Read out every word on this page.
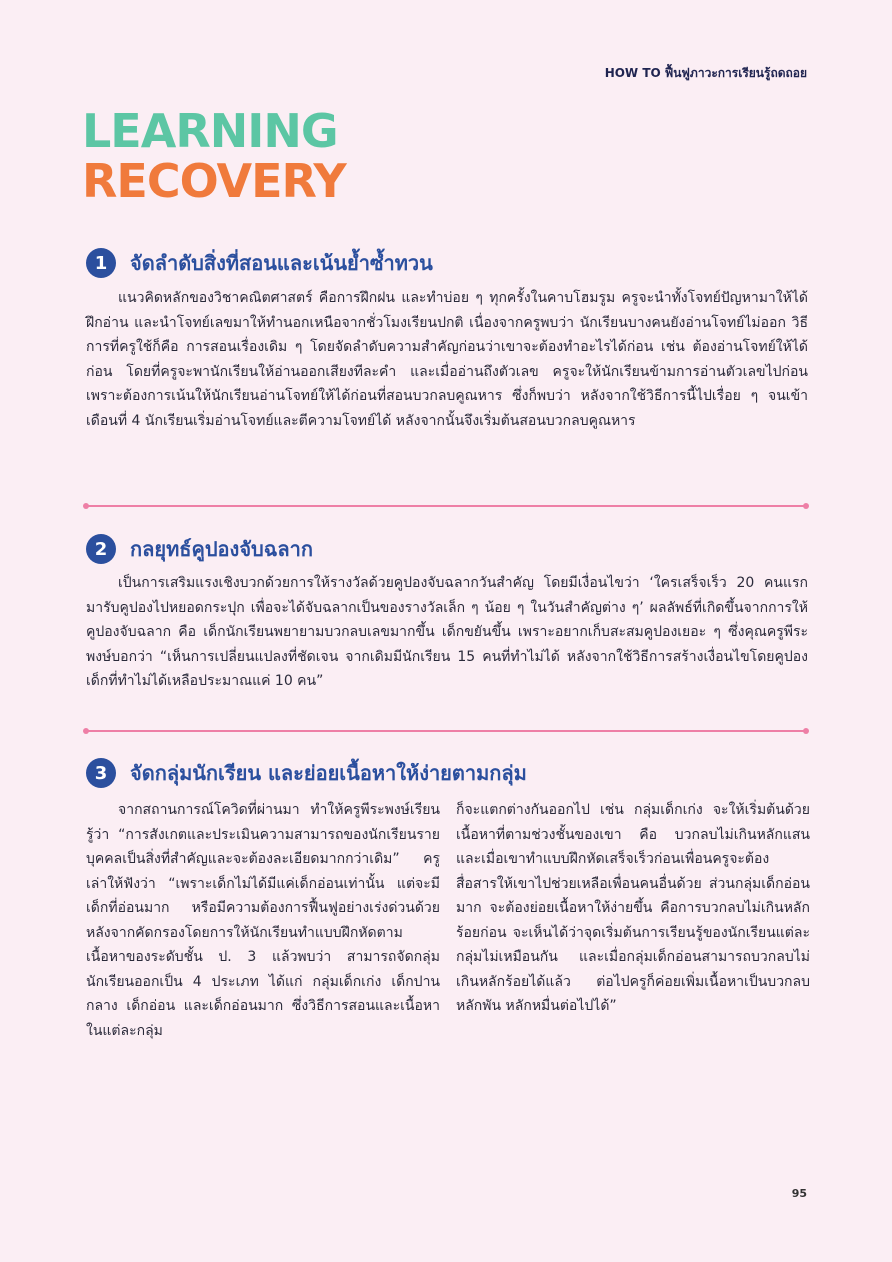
HOW TO ฟื้นฟูภาวะการเรียนรู้ถดถอย
LEARNING
RECOVERY
1	จัดลำดับสิ่งที่สอนและเน้นย้ำซ้ำทวน

แนวคิดหลักของวิชาคณิตศาสตร์ คือการฝึกฝน และทำบ่อย ๆ ทุกครั้งในคาบโฮมรูม ครูจะนำทั้งโจทย์ปัญหามาให้ได้ฝึกอ่าน และนำโจทย์เลขมาให้ทำนอกเหนือจากชั่วโมงเรียนปกติ เนื่องจากครูพบว่า นักเรียนบางคนยังอ่านโจทย์ไม่ออก วิธีการที่ครูใช้ก็คือ การสอนเรื่องเดิม ๆ โดยจัดลำดับความสำคัญก่อนว่าเขาจะต้องทำอะไรได้ก่อน เช่น ต้องอ่านโจทย์ให้ได้ก่อน โดยที่ครูจะพานักเรียนให้อ่านออกเสียงทีละคำ และเมื่ออ่านถึงตัวเลข ครูจะให้นักเรียนข้ามการอ่านตัวเลขไปก่อน เพราะต้องการเน้นให้นักเรียนอ่านโจทย์ให้ได้ก่อนที่สอนบวกลบคูณหาร ซึ่งก็พบว่า หลังจากใช้วิธีการนี้ไปเรื่อย ๆ จนเข้าเดือนที่ 4 นักเรียนเริ่มอ่านโจทย์และตีความโจทย์ได้ หลังจากนั้นจึงเริ่มต้นสอนบวกลบคูณหาร

2	กลยุทธ์คูปองจับฉลาก

เป็นการเสริมแรงเชิงบวกด้วยการให้รางวัลด้วยคูปองจับฉลากวันสำคัญ โดยมีเงื่อนไขว่า ‘ใครเสร็จเร็ว 20 คนแรก มารับคูปองไปหยอดกระปุก เพื่อจะได้จับฉลากเป็นของรางวัลเล็ก ๆ น้อย ๆ ในวันสำคัญต่าง ๆ’ ผลลัพธ์ที่เกิดขึ้นจากการให้คูปองจับฉลาก คือ เด็กนักเรียนพยายามบวกลบเลขมากขึ้น เด็กขยันขึ้น เพราะอยากเก็บสะสมคูปองเยอะ ๆ ซึ่งคุณครูพีระพงษ์บอกว่า “เห็นการเปลี่ยนแปลงที่ชัดเจน จากเดิมมีนักเรียน 15 คนที่ทำไม่ได้ หลังจากใช้วิธีการสร้างเงื่อนไขโดยคูปอง เด็กที่ทำไม่ได้เหลือประมาณแค่ 10 คน”

3	จัดกลุ่มนักเรียน และย่อยเนื้อหาให้ง่ายตามกลุ่ม

จากสถานการณ์โควิดที่ผ่านมา ทำให้ครูพีระพงษ์เรียนรู้ว่า “การสังเกตและประเมินความสามารถของนักเรียนรายบุคคลเป็นสิ่งที่สำคัญและจะต้องละเอียดมากกว่าเดิม” ครูเล่าให้ฟังว่า “เพราะเด็กไม่ได้มีแค่เด็กอ่อนเท่านั้น แต่จะมีเด็กที่อ่อนมาก หรือมีความต้องการฟื้นฟูอย่างเร่งด่วนด้วย หลังจากคัดกรองโดยการให้นักเรียนทำแบบฝึกหัดตามเนื้อหาของระดับชั้น ป. 3 แล้วพบว่า สามารถจัดกลุ่มนักเรียนออกเป็น 4 ประเภท ได้แก่ กลุ่มเด็กเก่ง เด็กปานกลาง เด็กอ่อน และเด็กอ่อนมาก ซึ่งวิธีการสอนและเนื้อหาในแต่ละกลุ่ม

ก็จะแตกต่างกันออกไป เช่น กลุ่มเด็กเก่ง จะให้เริ่มต้นด้วยเนื้อหาที่ตามช่วงชั้นของเขา คือ บวกลบไม่เกินหลักแสน และเมื่อเขาทำแบบฝึกหัดเสร็จเร็วก่อนเพื่อนครูจะต้องสื่อสารให้เขาไปช่วยเหลือเพื่อนคนอื่นด้วย ส่วนกลุ่มเด็กอ่อนมาก จะต้องย่อยเนื้อหาให้ง่ายขึ้น คือการบวกลบไม่เกินหลักร้อยก่อน จะเห็นได้ว่าจุดเริ่มต้นการเรียนรู้ของนักเรียนแต่ละกลุ่มไม่เหมือนกัน และเมื่อกลุ่มเด็กอ่อนสามารถบวกลบไม่เกินหลักร้อยได้แล้ว ต่อไปครูก็ค่อยเพิ่มเนื้อหาเป็นบวกลบหลักพัน หลักหมื่นต่อไปได้”

95
